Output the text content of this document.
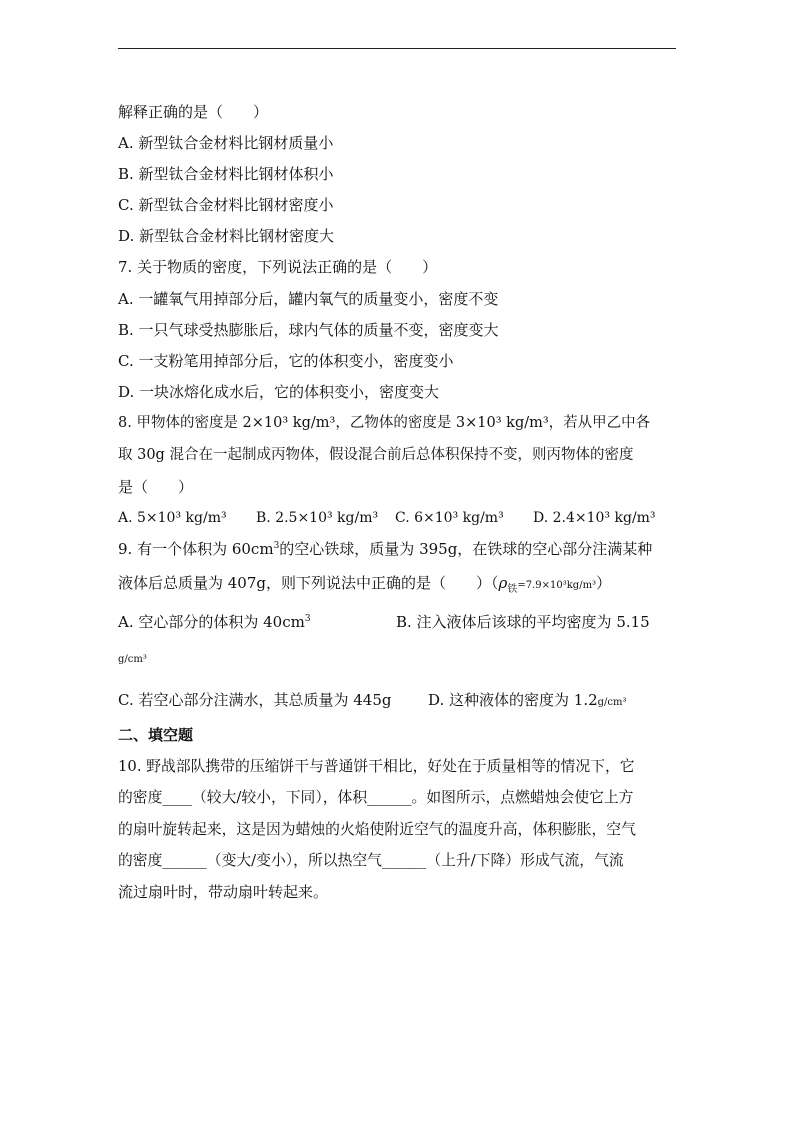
解释正确的是（　　）
A. 新型钛合金材料比钢材质量小
B. 新型钛合金材料比钢材体积小
C. 新型钛合金材料比钢材密度小
D. 新型钛合金材料比钢材密度大
7. 关于物质的密度，下列说法正确的是（　　）
A. 一罐氧气用掉部分后，罐内氧气的质量变小，密度不变
B. 一只气球受热膨胀后，球内气体的质量不变，密度变大
C. 一支粉笔用掉部分后，它的体积变小，密度变小
D. 一块冰熔化成水后，它的体积变小，密度变大
8. 甲物体的密度是 2×10³ kg/m³，乙物体的密度是 3×10³ kg/m³，若从甲乙中各
取 30g 混合在一起制成丙物体，假设混合前后总体积保持不变，则丙物体的密度
是（　　）
A. 5×10³ kg/m³ B. 2.5×10³ kg/m³ C. 6×10³ kg/m³ D. 2.4×10³ kg/m³
9. 有一个体积为 $60cm^3$的空心铁球，质量为 395g，在铁球的空心部分注满某种
液体后总质量为 407g，则下列说法中正确的是（　　）$(\rho_铁=7.9\times 10^3kg/m^3)$
A. 空心部分的体积为 $40cm^3$	B. 注入液体后该球的平均密度为 5.15
g/cm³
C. 若空心部分注满水，其总质量为 445g D. 这种液体的密度为 1.2g/cm³
二、填空题
10. 野战部队携带的压缩饼干与普通饼干相比，好处在于质量相等的情况下，它
的密度____（较大/较小，下同），体积______。如图所示，点燃蜡烛会使它上方
的扇叶旋转起来，这是因为蜡烛的火焰使附近空气的温度升高，体积膨胀，空气
的密度______（变大/变小），所以热空气______（上升/下降）形成气流，气流
流过扇叶时，带动扇叶转起来。
